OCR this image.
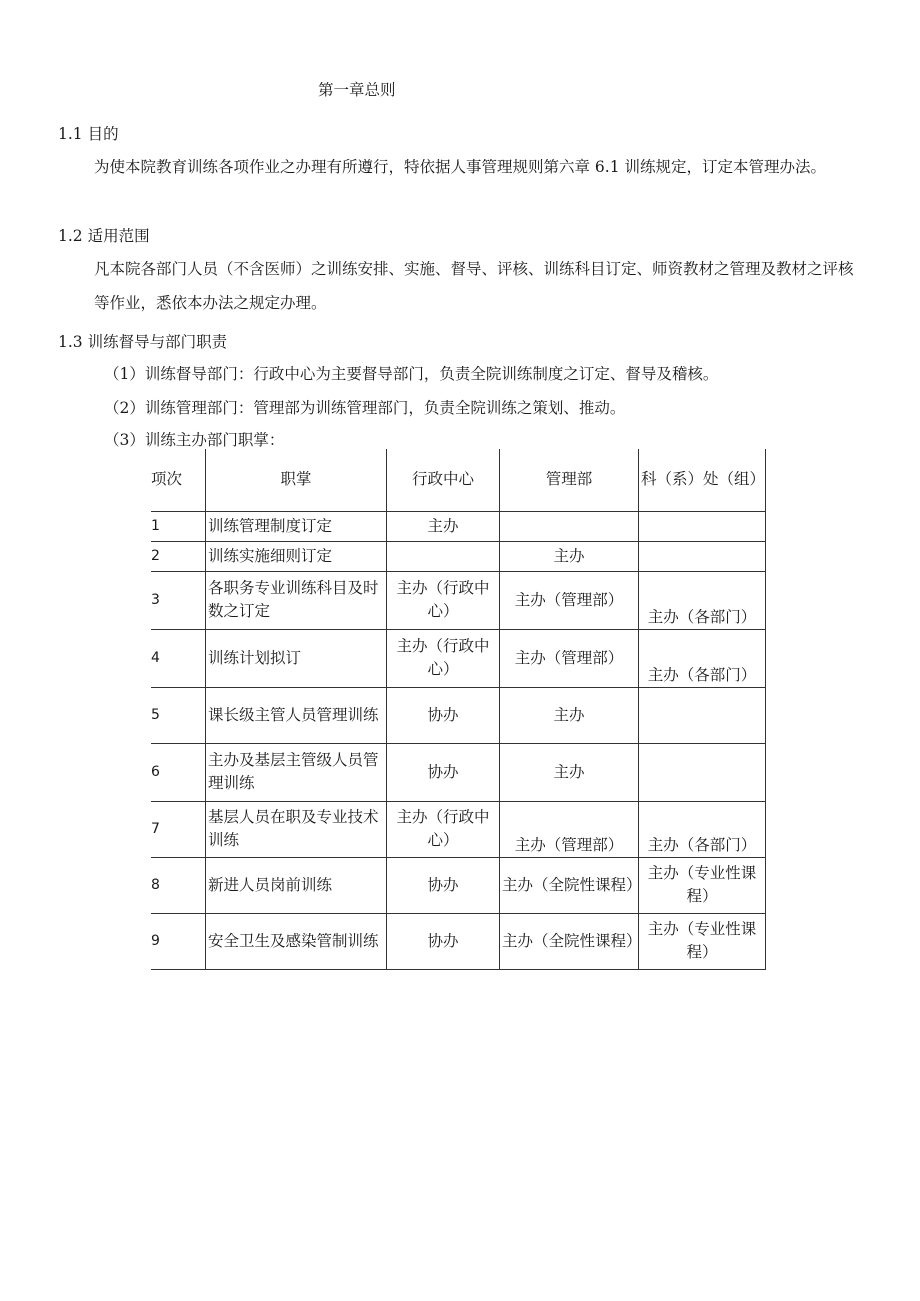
第一章总则
1.1 目的
为使本院教育训练各项作业之办理有所遵行，特依据人事管理规则第六章 6.1 训练规定，订定本管理办法。
1.2 适用范围
凡本院各部门人员（不含医师）之训练安排、实施、督导、评核、训练科目订定、师资教材之管理及教材之评核等作业，悉依本办法之规定办理。
1.3 训练督导与部门职责
（1）训练督导部门：行政中心为主要督导部门，负责全院训练制度之订定、督导及稽核。
（2）训练管理部门：管理部为训练管理部门，负责全院训练之策划、推动。
（3）训练主办部门职掌：
项次	职掌	行政中心	管理部	科（系）处（组）
1	训练管理制度订定	主办		
2	训练实施细则订定		主办	
3	各职务专业训练科目及时数之订定	主办（行政中心）	主办（管理部）	主办（各部门）
4	训练计划拟订	主办（行政中心）	主办（管理部）	主办（各部门）
5	课长级主管人员管理训练	协办	主办	
6	主办及基层主管级人员管理训练	协办	主办	
7	基层人员在职及专业技术训练	主办（行政中心）	主办（管理部）	主办（各部门）
8	新进人员岗前训练	协办	主办（全院性课程）	主办（专业性课程）
9	安全卫生及感染管制训练	协办	主办（全院性课程）	主办（专业性课程）
